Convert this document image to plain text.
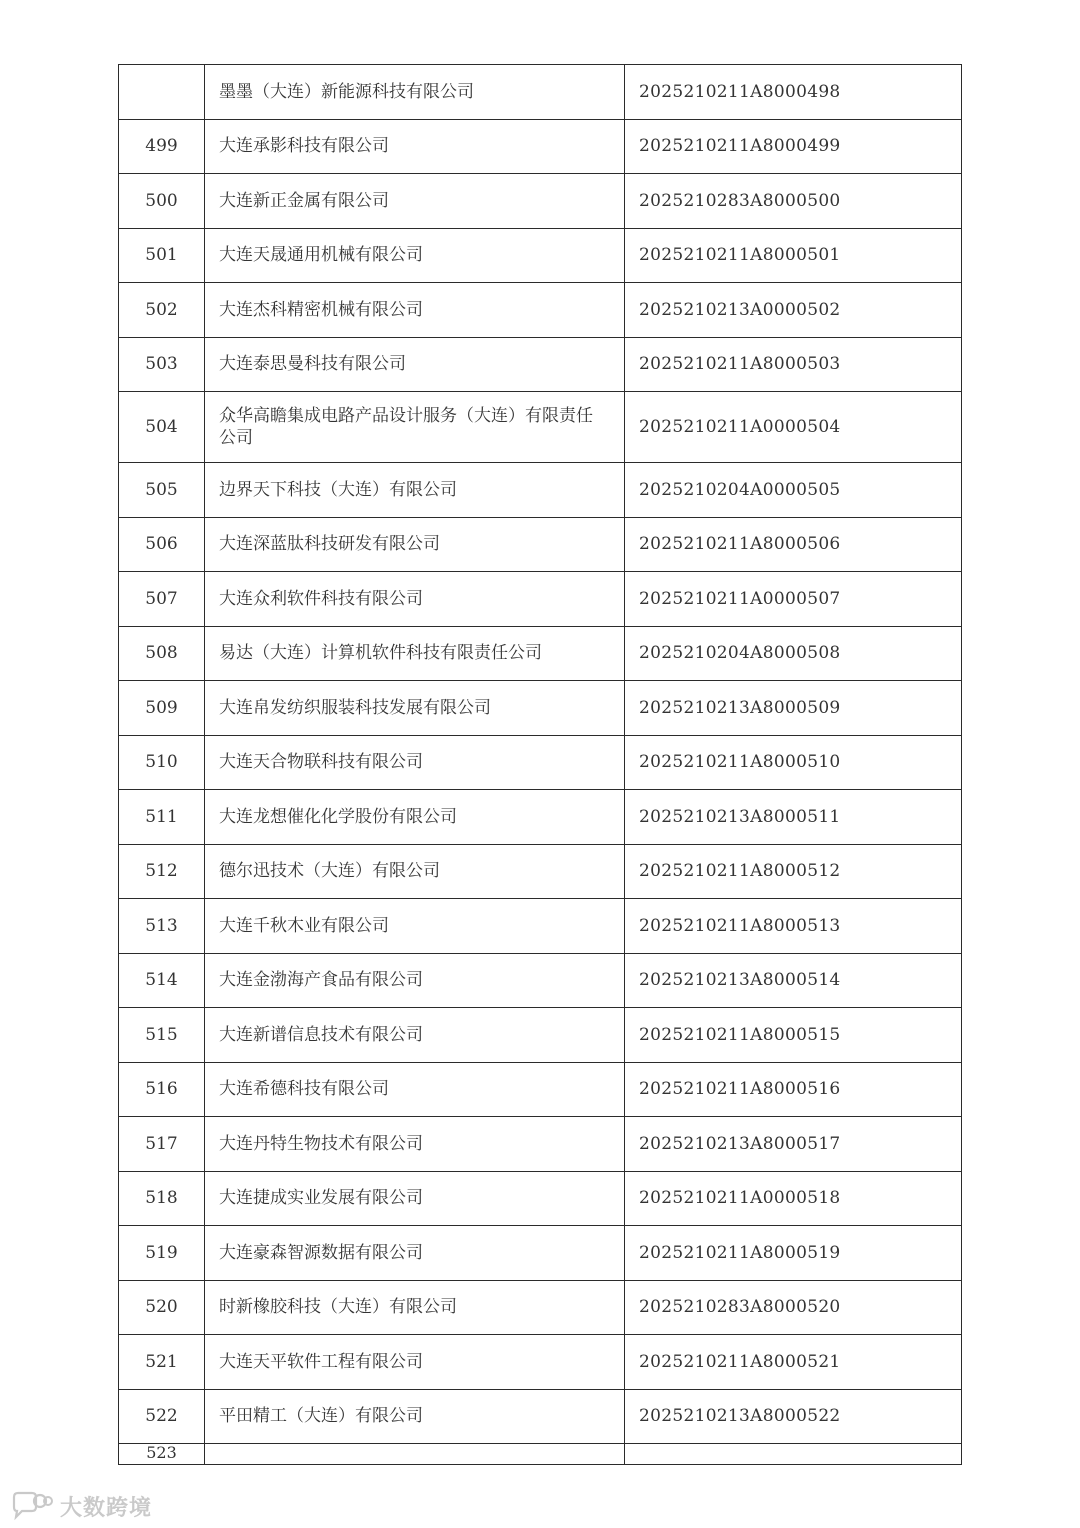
	墨墨（大连）新能源科技有限公司	2025210211A8000498
499	大连承影科技有限公司	2025210211A8000499
500	大连新正金属有限公司	2025210283A8000500
501	大连天晟通用机械有限公司	2025210211A8000501
502	大连杰科精密机械有限公司	2025210213A0000502
503	大连泰思曼科技有限公司	2025210211A8000503
504	众华高瞻集成电路产品设计服务（大连）有限责任公司	2025210211A0000504
505	边界天下科技（大连）有限公司	2025210204A0000505
506	大连深蓝肽科技研发有限公司	2025210211A8000506
507	大连众利软件科技有限公司	2025210211A0000507
508	易达（大连）计算机软件科技有限责任公司	2025210204A8000508
509	大连帛发纺织服装科技发展有限公司	2025210213A8000509
510	大连天合物联科技有限公司	2025210211A8000510
511	大连龙想催化化学股份有限公司	2025210213A8000511
512	德尔迅技术（大连）有限公司	2025210211A8000512
513	大连千秋木业有限公司	2025210211A8000513
514	大连金渤海产食品有限公司	2025210213A8000514
515	大连新谱信息技术有限公司	2025210211A8000515
516	大连希德科技有限公司	2025210211A8000516
517	大连丹特生物技术有限公司	2025210213A8000517
518	大连捷成实业发展有限公司	2025210211A0000518
519	大连豪森智源数据有限公司	2025210211A8000519
520	时新橡胶科技（大连）有限公司	2025210283A8000520
521	大连天平软件工程有限公司	2025210211A8000521
522	平田精工（大连）有限公司	2025210213A8000522
523		
大数跨境
